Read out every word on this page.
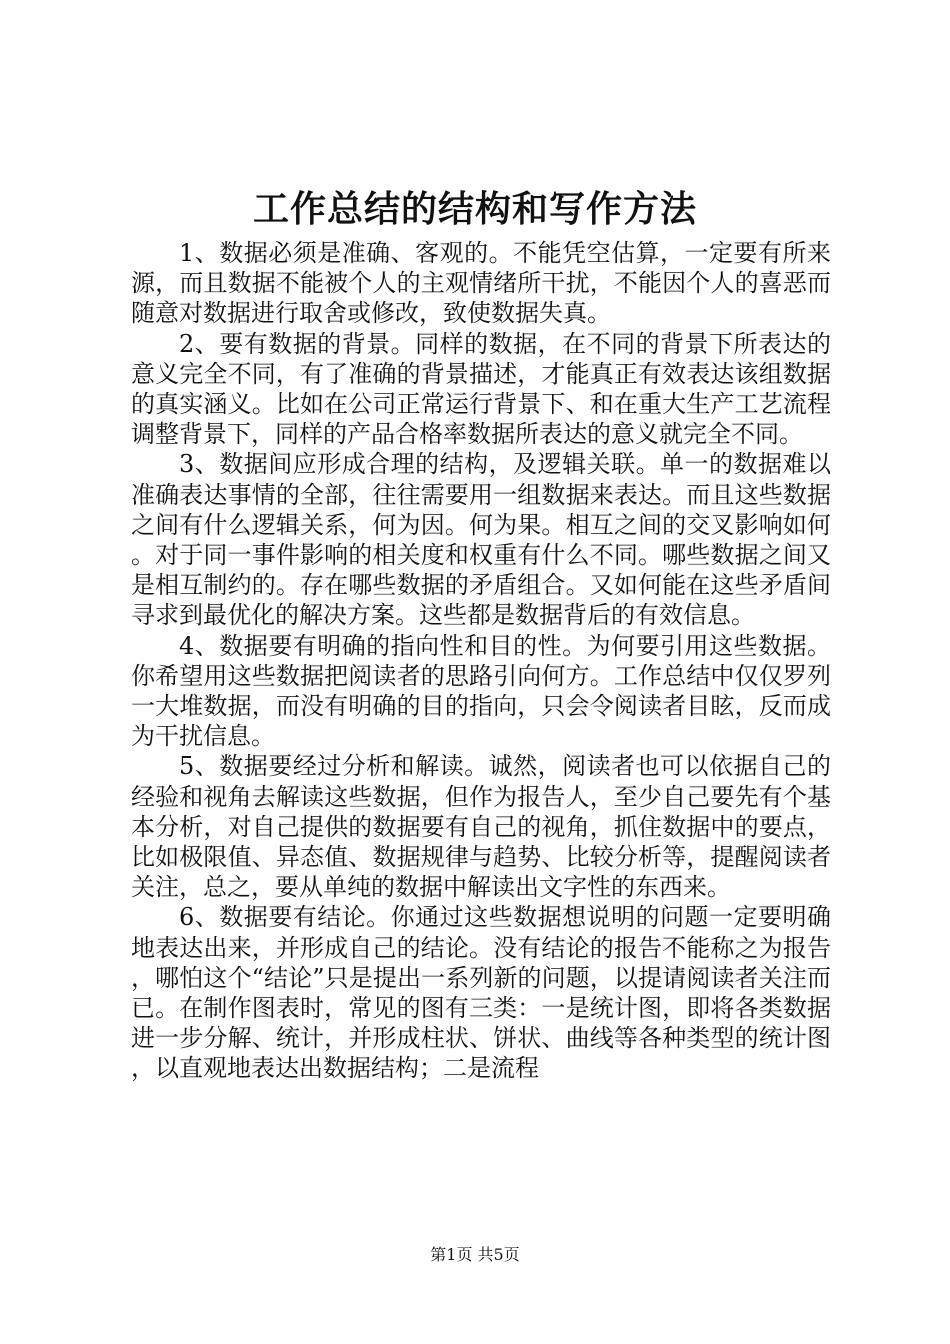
工作总结的结构和写作方法

1、数据必须是准确、客观的。不能凭空估算，一定要有所来源，而且数据不能被个人的主观情绪所干扰，不能因个人的喜恶而随意对数据进行取舍或修改，致使数据失真。

2、要有数据的背景。同样的数据，在不同的背景下所表达的意义完全不同，有了准确的背景描述，才能真正有效表达该组数据的真实涵义。比如在公司正常运行背景下、和在重大生产工艺流程调整背景下，同样的产品合格率数据所表达的意义就完全不同。

3、数据间应形成合理的结构，及逻辑关联。单一的数据难以准确表达事情的全部，往往需要用一组数据来表达。而且这些数据之间有什么逻辑关系，何为因。何为果。相互之间的交叉影响如何。对于同一事件影响的相关度和权重有什么不同。哪些数据之间又是相互制约的。存在哪些数据的矛盾组合。又如何能在这些矛盾间寻求到最优化的解决方案。这些都是数据背后的有效信息。

4、数据要有明确的指向性和目的性。为何要引用这些数据。你希望用这些数据把阅读者的思路引向何方。工作总结中仅仅罗列一大堆数据，而没有明确的目的指向，只会令阅读者目眩，反而成为干扰信息。

5、数据要经过分析和解读。诚然，阅读者也可以依据自己的经验和视角去解读这些数据，但作为报告人，至少自己要先有个基本分析，对自己提供的数据要有自己的视角，抓住数据中的要点，比如极限值、异态值、数据规律与趋势、比较分析等，提醒阅读者关注，总之，要从单纯的数据中解读出文字性的东西来。

6、数据要有结论。你通过这些数据想说明的问题一定要明确地表达出来，并形成自己的结论。没有结论的报告不能称之为报告，哪怕这个“结论”只是提出一系列新的问题，以提请阅读者关注而已。在制作图表时，常见的图有三类：一是统计图，即将各类数据进一步分解、统计，并形成柱状、饼状、曲线等各种类型的统计图，以直观地表达出数据结构；二是流程

第1页 共5页
